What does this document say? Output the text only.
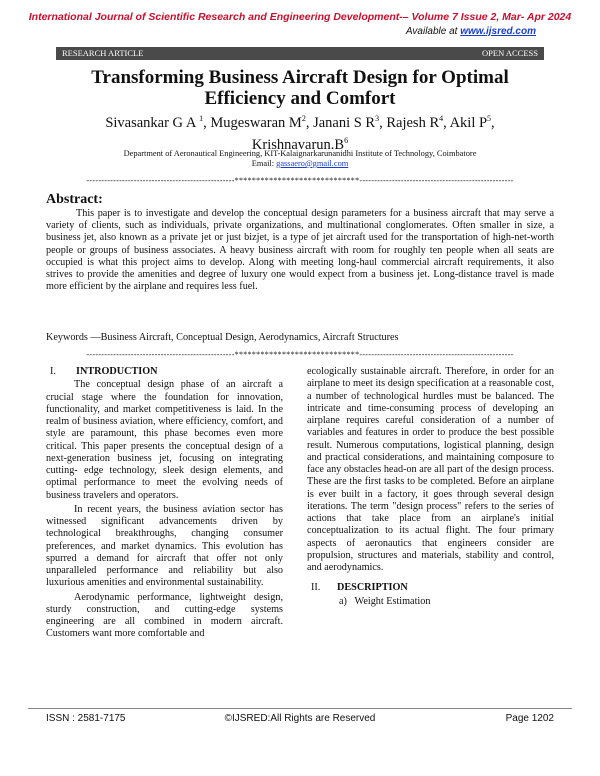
International Journal of Scientific Research and Engineering Development-– Volume 7 Issue 2, Mar- Apr 2024
Available at www.ijsred.com
RESEARCH ARTICLE	OPEN ACCESS
Transforming Business Aircraft Design for Optimal Efficiency and Comfort
Sivasankar G A $^1$, Mugeswaran $M^2$, Janani S $R^3$, Rajesh $R^4$, Akil $P^5$,
$Krishnavarun.B^6$
Department of Aeronautical Engineering, KIT-Kalaignarkarunanidhi Institute of Technology, Coimbatore
Email: gassaero@gmail.com
--------------------------------------------------*****************************----------------------------------------------------
Abstract:
This paper is to investigate and develop the conceptual design parameters for a business aircraft that may serve a variety of clients, such as individuals, private organizations, and multinational conglomerates. Often smaller in size, a business jet, also known as a private jet or just bizjet, is a type of jet aircraft used for the transportation of high-net-worth people or groups of business associates. A heavy business aircraft with room for roughly ten people when all seats are occupied is what this project aims to develop. Along with meeting long-haul commercial aircraft requirements, it also strives to provide the amenities and degree of luxury one would expect from a business jet. Long-distance travel is made more efficient by the airplane and requires less fuel.
Keywords —Business Aircraft, Conceptual Design, Aerodynamics, Aircraft Structures
--------------------------------------------------*****************************----------------------------------------------------
I. INTRODUCTION

The conceptual design phase of an aircraft a crucial stage where the foundation for innovation, functionality, and market competitiveness is laid. In the realm of business aviation, where efficiency, comfort, and style are paramount, this phase becomes even more critical. This paper presents the conceptual design of a next-generation business jet, focusing on integrating cutting- edge technology, sleek design elements, and optimal performance to meet the evolving needs of business travelers and operators.

In recent years, the business aviation sector has witnessed significant advancements driven by technological breakthroughs, changing consumer preferences, and market dynamics. This evolution has spurred a demand for aircraft that offer not only unparalleled performance and reliability but also luxurious amenities and environmental sustainability.

Aerodynamic performance, lightweight design, sturdy construction, and cutting-edge systems engineering are all combined in modern aircraft. Customers want more comfortable and

ecologically sustainable aircraft. Therefore, in order for an airplane to meet its design specification at a reasonable cost, a number of technological hurdles must be balanced. The intricate and time-consuming process of developing an airplane requires careful consideration of a number of variables and features in order to produce the best possible result. Numerous computations, logistical planning, design and practical considerations, and maintaining composure to face any obstacles head-on are all part of the design process. These are the first tasks to be completed. Before an airplane is ever built in a factory, it goes through several design iterations. The term "design process" refers to the series of actions that take place from an airplane's initial conceptualization to its actual flight. The four primary aspects of aeronautics that engineers consider are propulsion, structures and materials, stability and control, and aerodynamics.

II. DESCRIPTION
a)   Weight Estimation
ISSN : 2581-7175	©IJSRED:All Rights are Reserved	Page 1202
